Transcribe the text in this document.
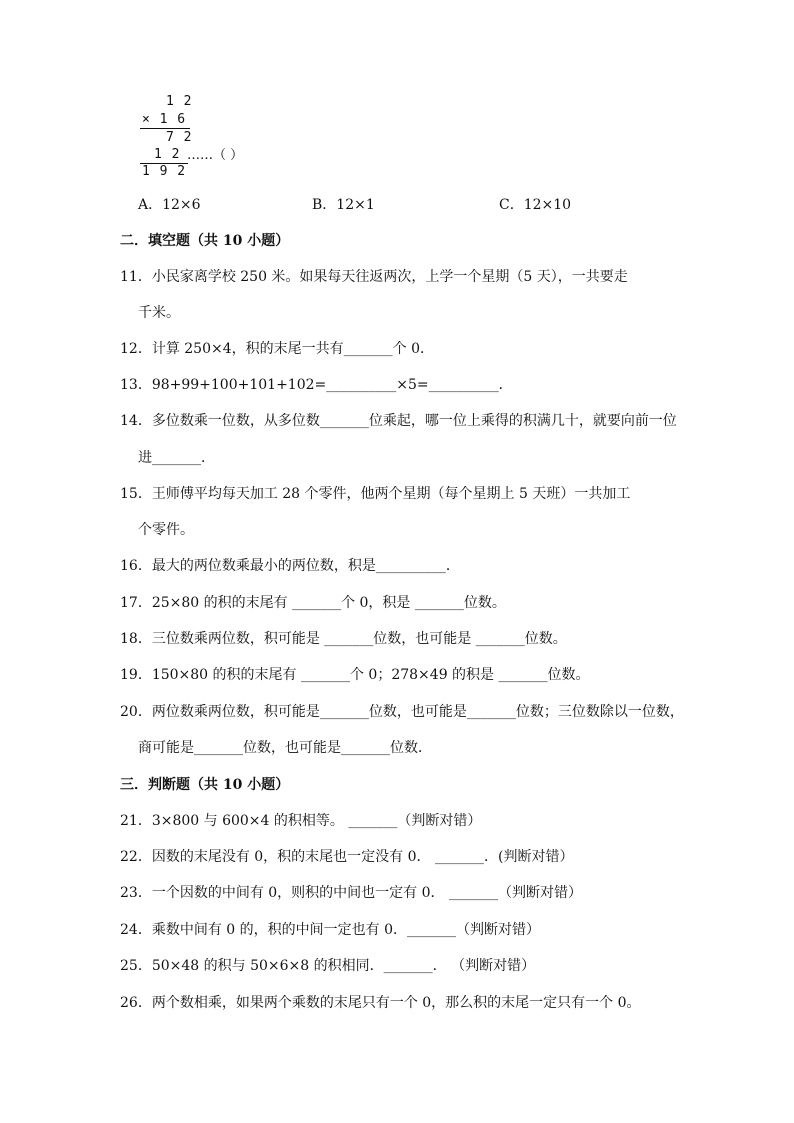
1 2
× 1 6
7 2
1 2 ……（ ）
1 9 2
A．12×6	B．12×1	C．12×10
二．填空题（共 10 小题）
11．小民家离学校 250 米。如果每天往返两次，上学一个星期（5 天），一共要走
千米。
12．计算 250×4，积的末尾一共有_______个 0．
13．98+99+100+101+102=__________×5=__________．
14．多位数乘一位数，从多位数_______位乘起，哪一位上乘得的积满几十，就要向前一位
进_______．
15．王师傅平均每天加工 28 个零件，他两个星期（每个星期上 5 天班）一共加工
个零件。
16．最大的两位数乘最小的两位数，积是__________．
17．25×80 的积的末尾有 _______个 0，积是 _______位数。
18．三位数乘两位数，积可能是 _______位数，也可能是 _______位数。
19．150×80 的积的末尾有 _______个 0；278×49 的积是 _______位数。
20．两位数乘两位数，积可能是_______位数，也可能是_______位数；三位数除以一位数，
商可能是_______位数，也可能是_______位数．
三．判断题（共 10 小题）
21．3×800 与 600×4 的积相等。 _______（判断对错）
22．因数的末尾没有 0，积的末尾也一定没有 0． _______．(判断对错）
23．一个因数的中间有 0，则积的中间也一定有 0． _______（判断对错）
24．乘数中间有 0 的，积的中间一定也有 0．_______（判断对错）
25．50×48 的积与 50×6×8 的积相同．_______． （判断对错）
26．两个数相乘，如果两个乘数的末尾只有一个 0，那么积的末尾一定只有一个 0。
